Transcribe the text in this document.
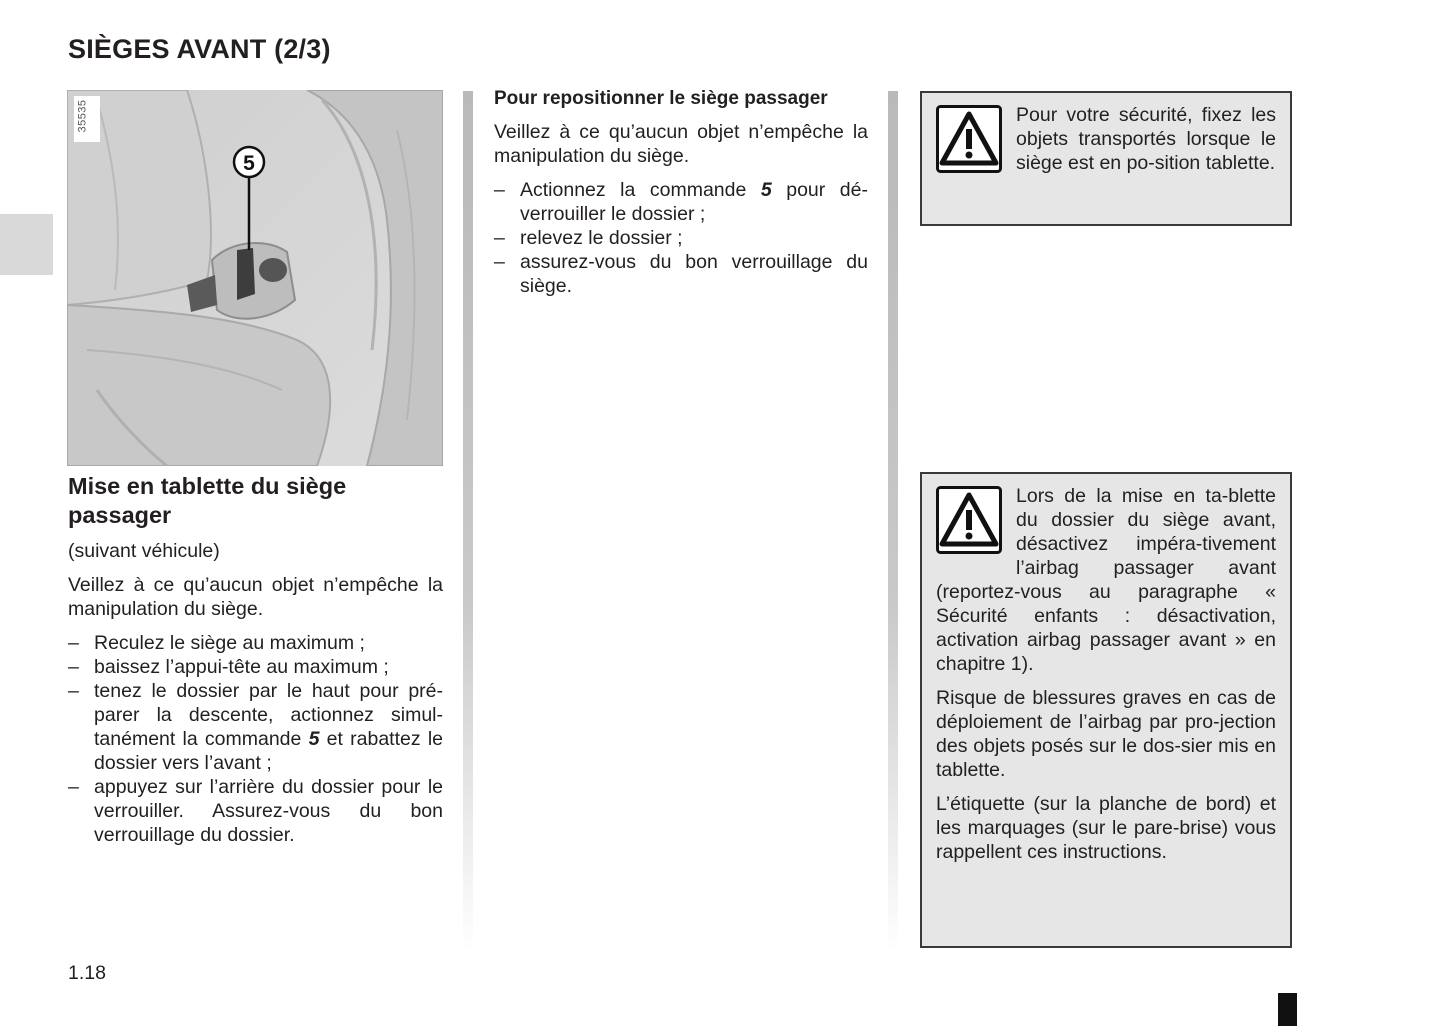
SIÈGES AVANT (2/3)
5
35535
Mise en tablette du siège passager

(suivant véhicule)

Veillez à ce qu’aucun objet n’empêche la manipulation du siège.

– Reculez le siège au maximum ;
– baissez l’appui-tête au maximum ;
– tenez le dossier par le haut pour pré-parer la descente, actionnez simul-tanément la commande 5 et rabattez le dossier vers l’avant ;
– appuyez sur l’arrière du dossier pour le verrouiller. Assurez-vous du bon verrouillage du dossier.
Pour repositionner le siège passager

Veillez à ce qu’aucun objet n’empêche la manipulation du siège.

– Actionnez la commande 5 pour dé-verrouiller le dossier ;
– relevez le dossier ;
– assurez-vous du bon verrouillage du siège.

Pour votre sécurité, fixez les objets transportés lorsque le siège est en po-sition tablette.

Lors de la mise en ta-blette du dossier du siège avant, désactivez impéra-tivement l’airbag passager avant (reportez-vous au paragraphe « Sécurité enfants : désactivation, activation airbag passager avant » en chapitre 1).

Risque de blessures graves en cas de déploiement de l’airbag par pro-jection des objets posés sur le dos-sier mis en tablette.

L’étiquette (sur la planche de bord) et les marquages (sur le pare-brise) vous rappellent ces instructions.

1.18
